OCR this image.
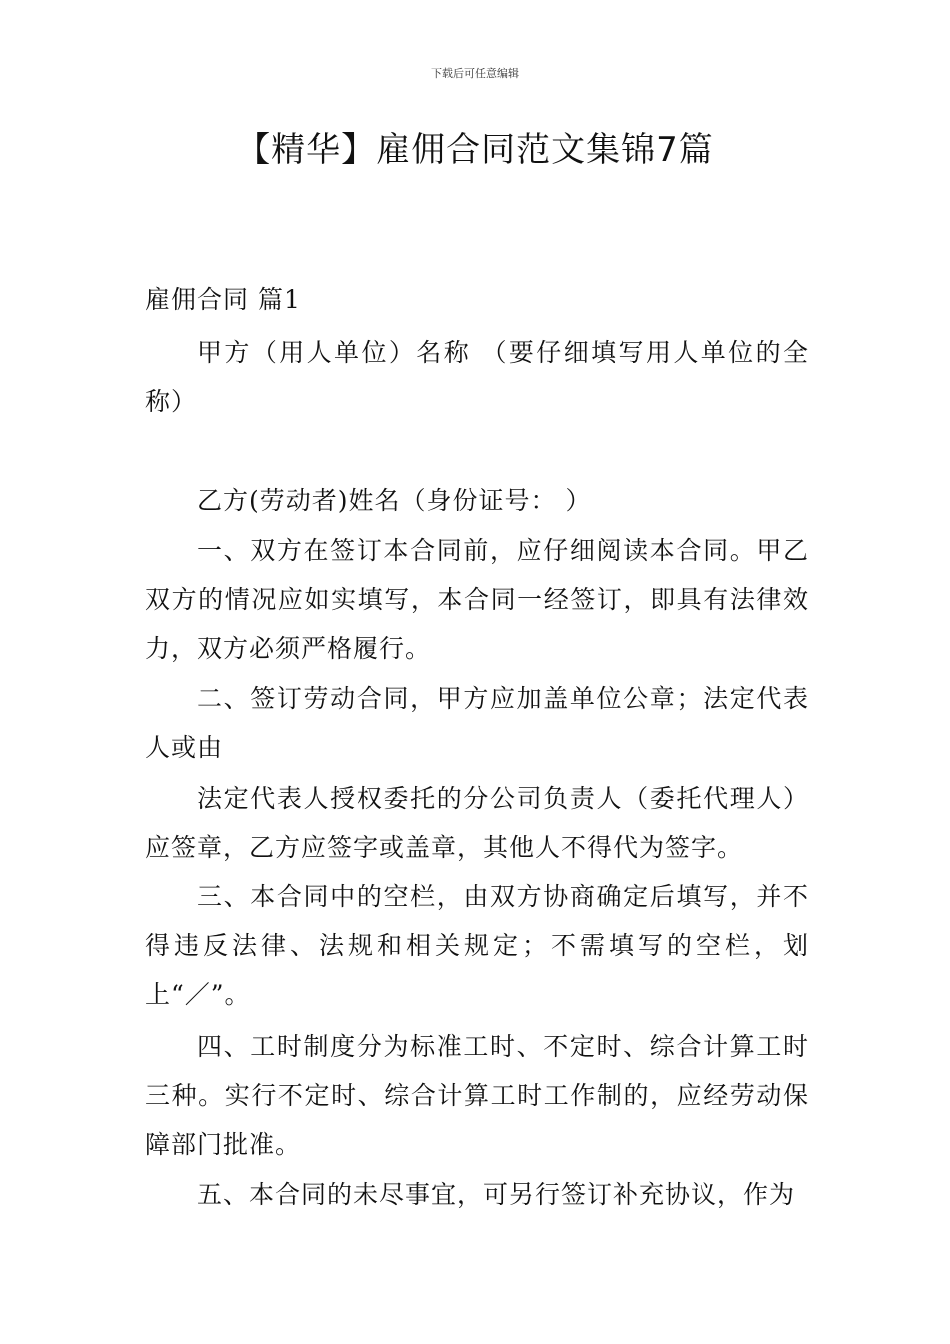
下载后可任意编辑
【精华】雇佣合同范文集锦7篇
雇佣合同 篇1
甲方（用人单位）名称 （要仔细填写用人单位的全称）
乙方(劳动者)姓名（身份证号： ）
一、双方在签订本合同前，应仔细阅读本合同。甲乙双方的情况应如实填写，本合同一经签订，即具有法律效力，双方必须严格履行。
二、签订劳动合同，甲方应加盖单位公章；法定代表人或由
法定代表人授权委托的分公司负责人（委托代理人）应签章，乙方应签字或盖章，其他人不得代为签字。
三、本合同中的空栏，由双方协商确定后填写，并不得违反法律、法规和相关规定；不需填写的空栏，划上“／”。
四、工时制度分为标准工时、不定时、综合计算工时三种。实行不定时、综合计算工时工作制的，应经劳动保障部门批准。
五、本合同的未尽事宜，可另行签订补充协议，作为
